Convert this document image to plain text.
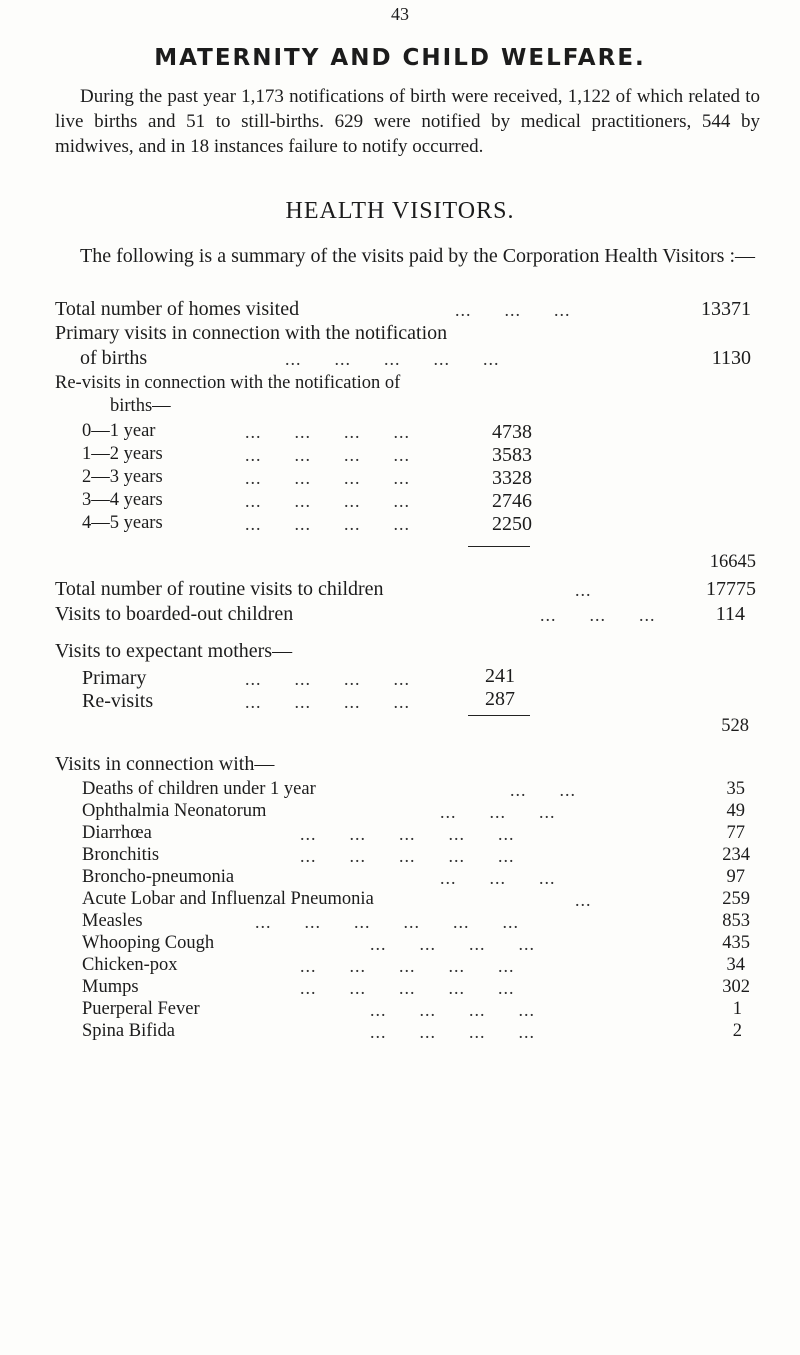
43
MATERNITY AND CHILD WELFARE.
During the past year 1,173 notifications of birth were received, 1,122 of which related to live births and 51 to still-births. 629 were notified by medical practitioners, 544 by midwives, and in 18 instances failure to notify occurred.
HEALTH VISITORS.
The following is a summary of the visits paid by the Corporation Health Visitors :—
Total number of homes visited	...      ...      ...	13371
Primary visits in connection with the notification
of births	...      ...      ...      ...      ...	1130
Re-visits in connection with the notification of
births—
0—1 year	...      ...      ...      ...	4738
1—2 years	...      ...      ...      ...	3583
2—3 years	...      ...      ...      ...	3328
3—4 years	...      ...      ...      ...	2746
4—5 years	...      ...      ...      ...	2250
16645
Total number of routine visits to children	...	17775
Visits to boarded-out children	...      ...      ...	114
Visits to expectant mothers—
Primary	...      ...      ...      ...	241
Re-visits	...      ...      ...      ...	287
528
Visits in connection with—
Deaths of children under 1 year	...      ...	35
Ophthalmia Neonatorum	...      ...      ...	49
Diarrhœa	...      ...      ...      ...      ...	77
Bronchitis	...      ...      ...      ...      ...	234
Broncho-pneumonia	...      ...      ...	97
Acute Lobar and Influenzal Pneumonia	...	259
Measles	...      ...      ...      ...      ...      ...	853
Whooping Cough	...      ...      ...      ...	435
Chicken-pox	...      ...      ...      ...      ...	34
Mumps	...      ...      ...      ...      ...	302
Puerperal Fever	...      ...      ...      ...	1
Spina Bifida	...      ...      ...      ...	2
